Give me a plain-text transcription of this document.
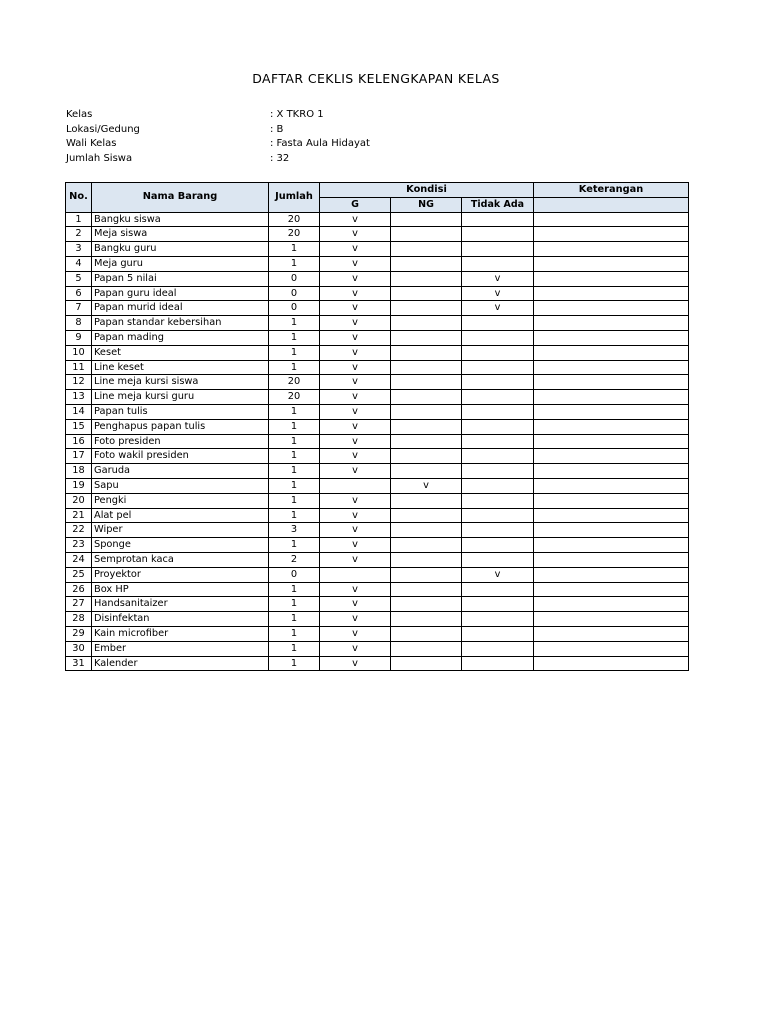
DAFTAR CEKLIS KELENGKAPAN KELAS
Kelas	: X TKRO 1
Lokasi/Gedung	: B
Wali Kelas	: Fasta Aula Hidayat
Jumlah Siswa	: 32
No.	Nama Barang	Jumlah	Kondisi			Keterangan
			G	NG	Tidak Ada	
1	Bangku siswa	20	v			
2	Meja siswa	20	v			
3	Bangku guru	1	v			
4	Meja guru	1	v			
5	Papan 5 nilai	0	v		v	
6	Papan guru ideal	0	v		v	
7	Papan murid ideal	0	v		v	
8	Papan standar kebersihan	1	v			
9	Papan mading	1	v			
10	Keset	1	v			
11	Line keset	1	v			
12	Line meja kursi siswa	20	v			
13	Line meja kursi guru	20	v			
14	Papan tulis	1	v			
15	Penghapus papan tulis	1	v			
16	Foto presiden	1	v			
17	Foto wakil presiden	1	v			
18	Garuda	1	v			
19	Sapu	1		v		
20	Pengki	1	v			
21	Alat pel	1	v			
22	Wiper	3	v			
23	Sponge	1	v			
24	Semprotan kaca	2	v			
25	Proyektor	0			v	
26	Box HP	1	v			
27	Handsanitaizer	1	v			
28	Disinfektan	1	v			
29	Kain microfiber	1	v			
30	Ember	1	v			
31	Kalender	1	v			
